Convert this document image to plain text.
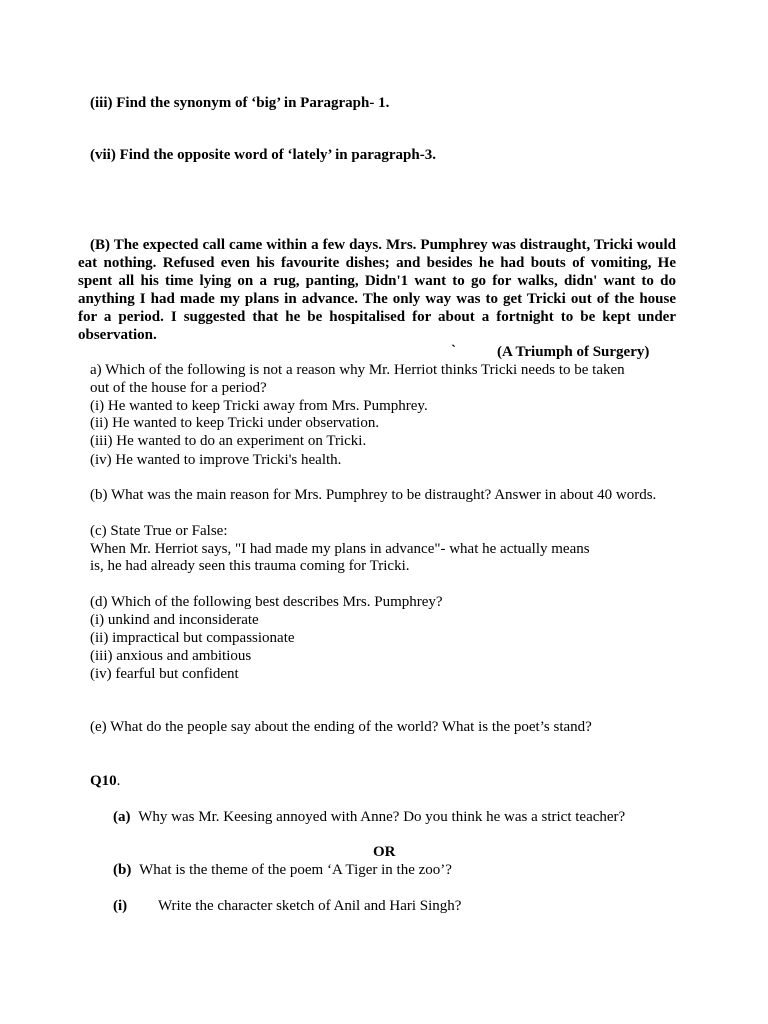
(iii) Find the synonym of ‘big’ in Paragraph- 1.
(vii) Find the opposite word of ‘lately’ in paragraph-3.
(B) The expected call came within a few days. Mrs. Pumphrey was distraught, Tricki would
eat nothing. Refused even his favourite dishes; and besides he had bouts of vomiting, He
spent all his time lying on a rug, panting, Didn'1 want to go for walks, didn' want to do
anything I had made my plans in advance. The only way was to get Tricki out of the house
for a period. I suggested that he be hospitalised for about a fortnight to be kept under
observation.
`	(A Triumph of Surgery)
a) Which of the following is not a reason why Mr. Herriot thinks Tricki needs to be taken
out of the house for a period?
(i) He wanted to keep Tricki away from Mrs. Pumphrey.
(ii) He wanted to keep Tricki under observation.
(iii) He wanted to do an experiment on Tricki.
(iv) He wanted to improve Tricki's health.
(b) What was the main reason for Mrs. Pumphrey to be distraught? Answer in about 40 words.
(c) State True or False:
When Mr. Herriot says, "I had made my plans in advance"- what he actually means
is, he had already seen this trauma coming for Tricki.
(d) Which of the following best describes Mrs. Pumphrey?
(i) unkind and inconsiderate
(ii) impractical but compassionate
(iii) anxious and ambitious
(iv) fearful but confident
(e) What do the people say about the ending of the world? What is the poet’s stand?
Q10.
(a) Why was Mr. Keesing annoyed with Anne? Do you think he was a strict teacher?
OR
(b) What is the theme of the poem ‘A Tiger in the zoo’?
(i) Write the character sketch of Anil and Hari Singh?
